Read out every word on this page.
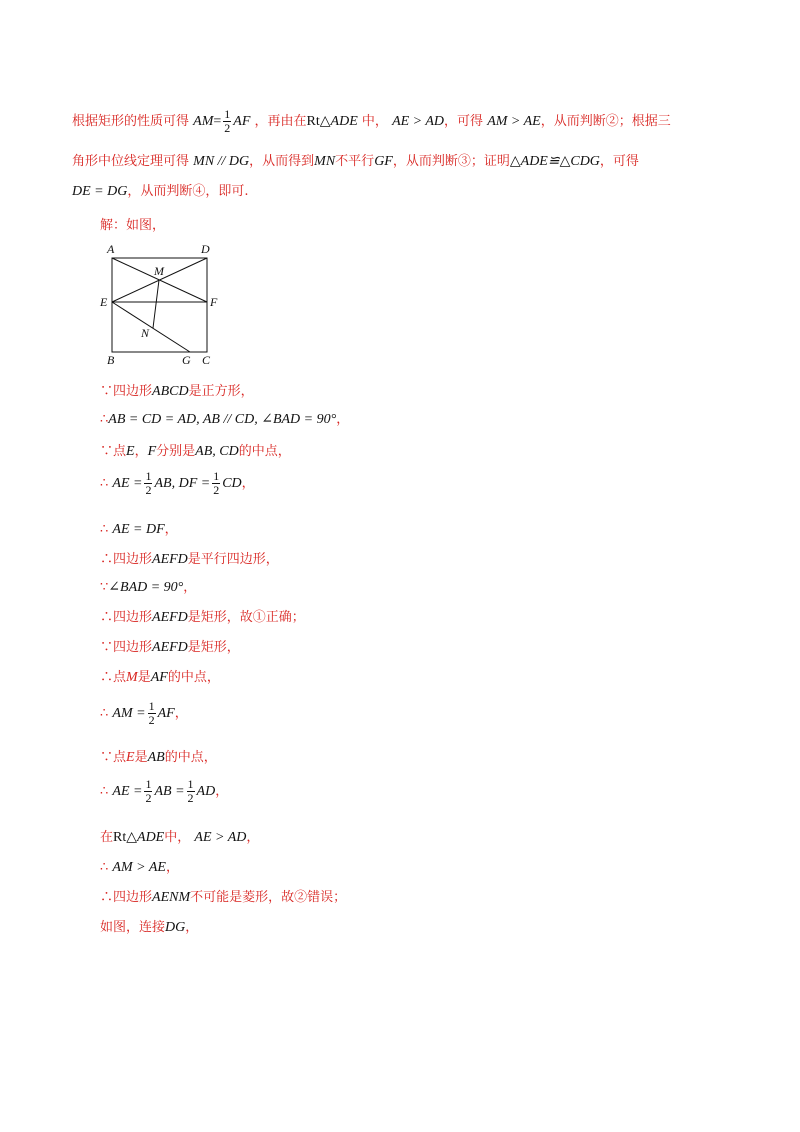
根据矩形的性质可得 $AM= \frac{1}{2}$ AF ，再由在Rt△ADE 中， AE > AD，可得 AM > AE，从而判断②；根据三
角形中位线定理可得 MN // DG，从而得到MN不平行GF，从而判断③；证明△ADE≌△CDG，可得
DE = DG，从而判断④，即可.
解：如图，
A	D
M
E	F
N
B	G C
∵四边形ABCD是正方形，
∴AB = CD = AD, AB // CD, ∠BAD = 90°，
∵点E，F分别是AB, CD的中点，
∴ AE = $\frac{1}{2}$ AB, DF = $\frac{1}{2}$ CD，
∴ AE = DF，
∴四边形AEFD是平行四边形，
∵∠BAD = 90°，
∴四边形AEFD是矩形，故①正确；
∵四边形AEFD是矩形，
∴点M是AF的中点，
∴ AM = $\frac{1}{2}$ AF，
∵点E是AB的中点，
∴ AE = $\frac{1}{2}$ AB = $\frac{1}{2}$ AD，
在Rt△ADE中， AE > AD，
∴ AM > AE，
∴四边形AENM不可能是菱形，故②错误；
如图，连接DG，
